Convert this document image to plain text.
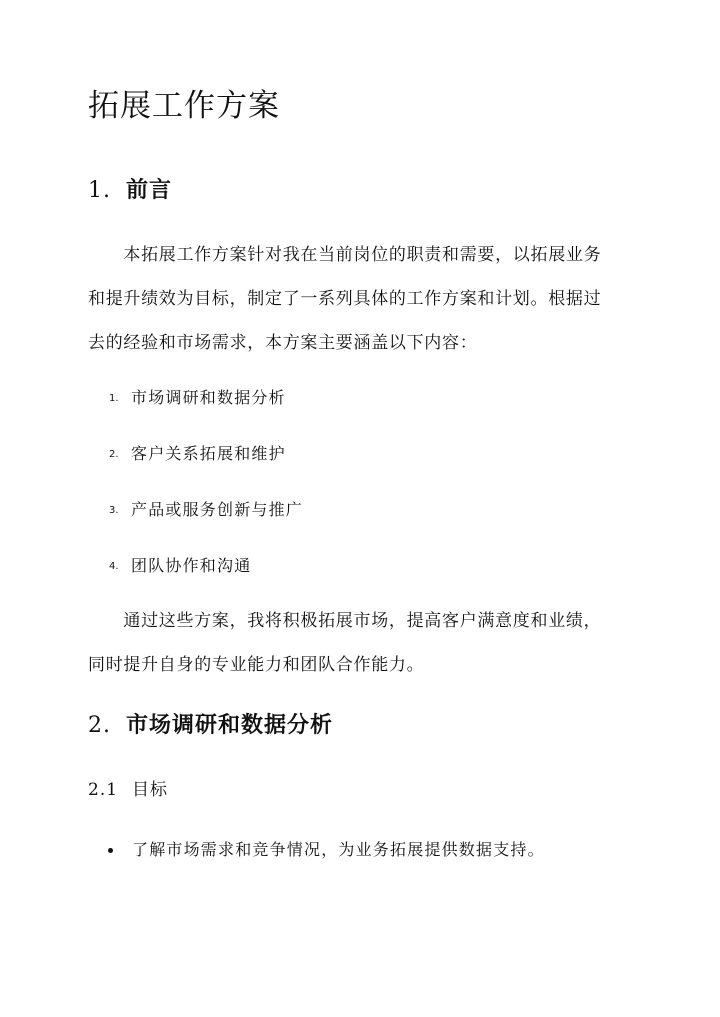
拓展工作方案
1. 前言

　　本拓展工作方案针对我在当前岗位的职责和需要，以拓展业务

和提升绩效为目标，制定了一系列具体的工作方案和计划。根据过

去的经验和市场需求，本方案主要涵盖以下内容：

1. 市场调研和数据分析

2. 客户关系拓展和维护

3. 产品或服务创新与推广

4. 团队协作和沟通

　　通过这些方案，我将积极拓展市场，提高客户满意度和业绩，

同时提升自身的专业能力和团队合作能力。

2. 市场调研和数据分析
2.1 目标

了解市场需求和竞争情况，为业务拓展提供数据支持。
